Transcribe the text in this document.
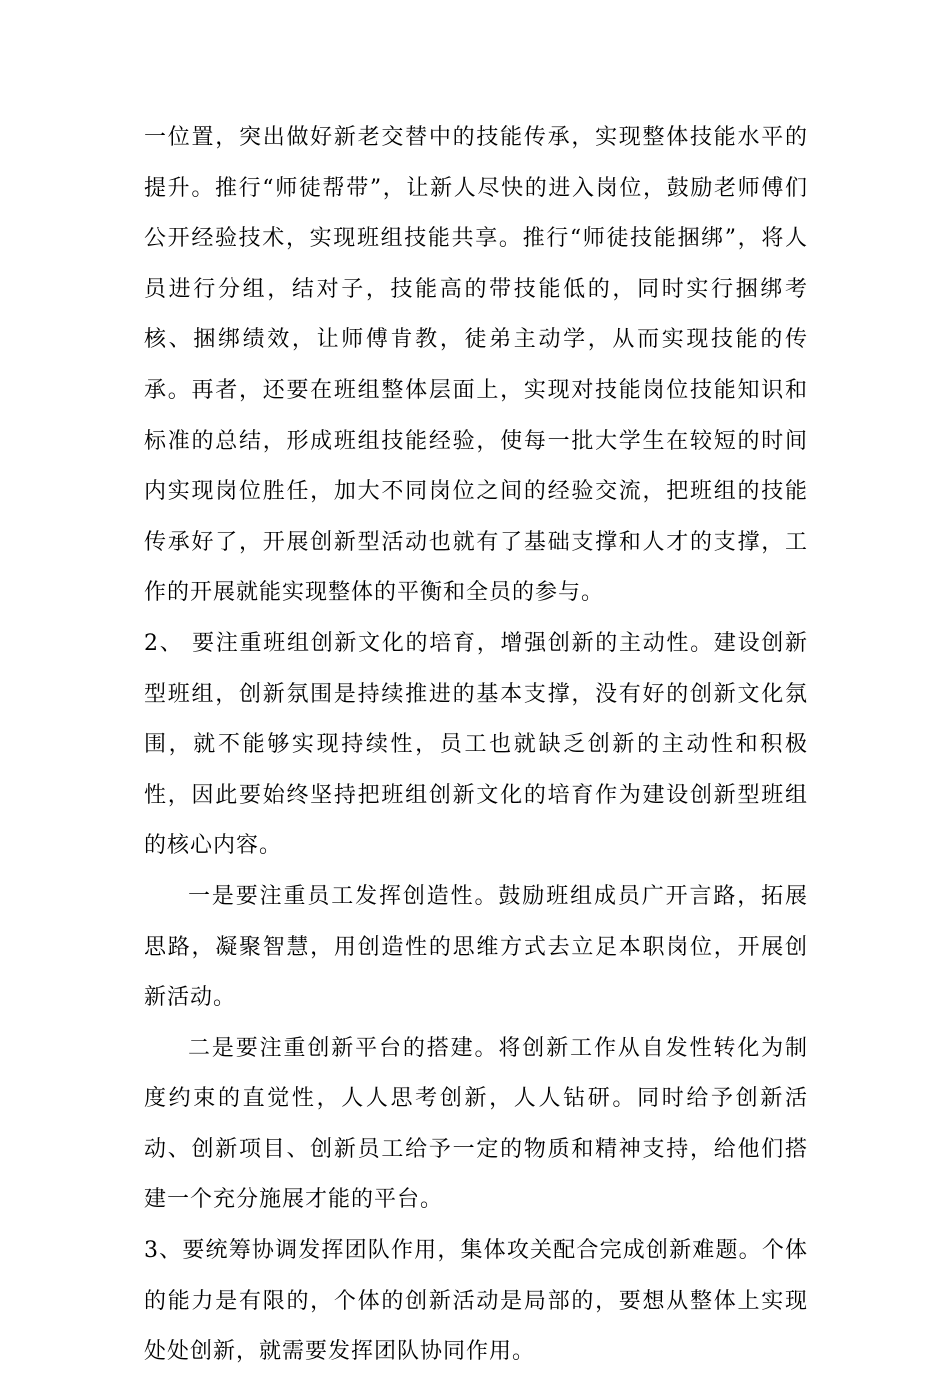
一位置，突出做好新老交替中的技能传承，实现整体技能水平的提升。推行“师徒帮带”，让新人尽快的进入岗位，鼓励老师傅们公开经验技术，实现班组技能共享。推行“师徒技能捆绑”，将人员进行分组，结对子，技能高的带技能低的，同时实行捆绑考核、捆绑绩效，让师傅肯教，徒弟主动学，从而实现技能的传承。再者，还要在班组整体层面上，实现对技能岗位技能知识和标准的总结，形成班组技能经验，使每一批大学生在较短的时间内实现岗位胜任，加大不同岗位之间的经验交流，把班组的技能传承好了，开展创新型活动也就有了基础支撑和人才的支撑，工作的开展就能实现整体的平衡和全员的参与。

2、 要注重班组创新文化的培育，增强创新的主动性。建设创新型班组，创新氛围是持续推进的基本支撑，没有好的创新文化氛围，就不能够实现持续性，员工也就缺乏创新的主动性和积极性，因此要始终坚持把班组创新文化的培育作为建设创新型班组的核心内容。

一是要注重员工发挥创造性。鼓励班组成员广开言路，拓展思路，凝聚智慧，用创造性的思维方式去立足本职岗位，开展创新活动。

二是要注重创新平台的搭建。将创新工作从自发性转化为制度约束的直觉性，人人思考创新，人人钻研。同时给予创新活动、创新项目、创新员工给予一定的物质和精神支持，给他们搭建一个充分施展才能的平台。

3、要统筹协调发挥团队作用，集体攻关配合完成创新难题。个体的能力是有限的，个体的创新活动是局部的，要想从整体上实现处处创新，就需要发挥团队协同作用。
